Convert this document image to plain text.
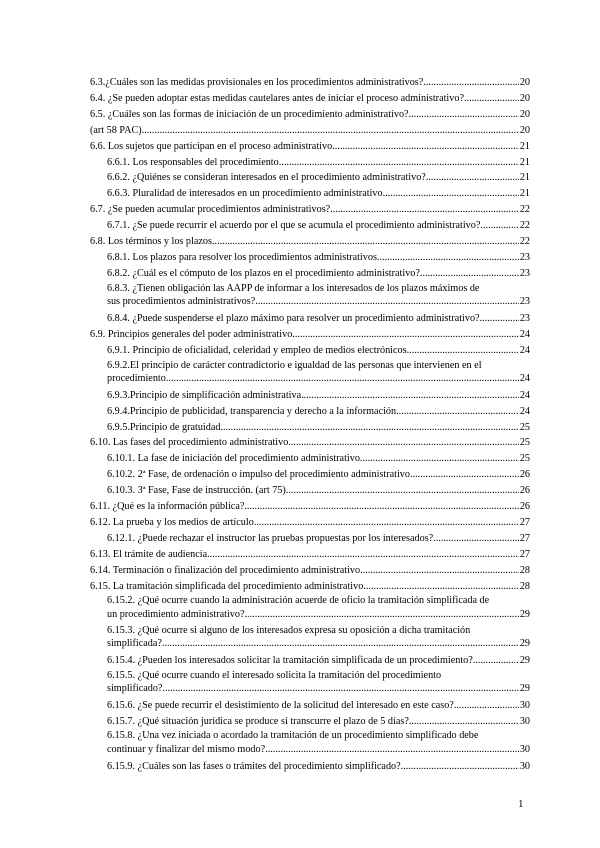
6.3.¿Cuáles son las medidas provisionales en los procedimientos administrativos? .....	20
6.4. ¿Se pueden adoptar estas medidas cautelares antes de iniciar el proceso administrativo? .....	20
6.5. ¿Cuáles son las formas de iniciación de un procedimiento administrativo? .....	20
(art 58 PAC) .....	20
6.6. Los sujetos que participan en el proceso administrativo .....	21
6.6.1. Los responsables del procedimiento .....	21
6.6.2. ¿Quiénes se consideran interesados en el procedimiento administrativo? .....	21
6.6.3. Pluralidad de interesados en un procedimiento administrativo .....	21
6.7. ¿Se pueden acumular procedimientos administrativos? .....	22
6.7.1. ¿Se puede recurrir el acuerdo por el que se acumula el procedimiento administrativo? .....	22
6.8. Los términos y los plazos .....	22
6.8.1. Los plazos para resolver los procedimientos administrativos .....	23
6.8.2. ¿Cuál es el cómputo de los plazos en el procedimiento administrativo? .....	23
6.8.3. ¿Tienen obligación las AAPP de informar a los interesados de los plazos máximos de
sus procedimientos administrativos? .....	23
6.8.4. ¿Puede suspenderse el plazo máximo para resolver un procedimiento administrativo? .....	23
6.9. Principios generales del poder administrativo .....	24
6.9.1. Principio de oficialidad, celeridad y empleo de medios electrónicos .....	24
6.9.2.El principio de carácter contradictorio e igualdad de las personas que intervienen en el
procedimiento .....	24
6.9.3.Principio de simplificación administrativa .....	24
6.9.4.Principio de publicidad, transparencia y derecho a la información .....	24
6.9.5.Principio de gratuidad .....	25
6.10. Las fases del procedimiento administrativo .....	25
6.10.1. La fase de iniciación del procedimiento administrativo .....	25
6.10.2. 2ª Fase, de ordenación o impulso del procedimiento administrativo .....	26
6.10.3. 3ª Fase, Fase de instrucción. (art 75) .....	26
6.11. ¿Qué es la información pública? .....	26
6.12. La prueba y los medios de artículo .....	27
6.12.1. ¿Puede rechazar el instructor las pruebas propuestas por los interesados? .....	27
6.13. El trámite de audiencia .....	27
6.14. Terminación o finalización del procedimiento administrativo .....	28
6.15. La tramitación simplificada del procedimiento administrativo .....	28
6.15.2. ¿Qué ocurre cuando la administración acuerde de oficio la tramitación simplificada de
un procedimiento administrativo? .....	29
6.15.3. ¿Qué ocurre si alguno de los interesados expresa su oposición a dicha tramitación
simplificada? .....	29
6.15.4. ¿Pueden los interesados solicitar la tramitación simplificada de un procedimiento? .....	29
6.15.5. ¿Qué ocurre cuando el interesado solicita la tramitación del procedimiento
simplificado? .....	29
6.15.6. ¿Se puede recurrir el desistimiento de la solicitud del interesado en este caso? .....	30
6.15.7. ¿Qué situación jurídica se produce si transcurre el plazo de 5 días? .....	30
6.15.8. ¿Una vez iniciada o acordado la tramitación de un procedimiento simplificado debe
continuar y finalizar del mismo modo? .....	30
6.15.9. ¿Cuáles son las fases o trámites del procedimiento simplificado? .....	30
1
